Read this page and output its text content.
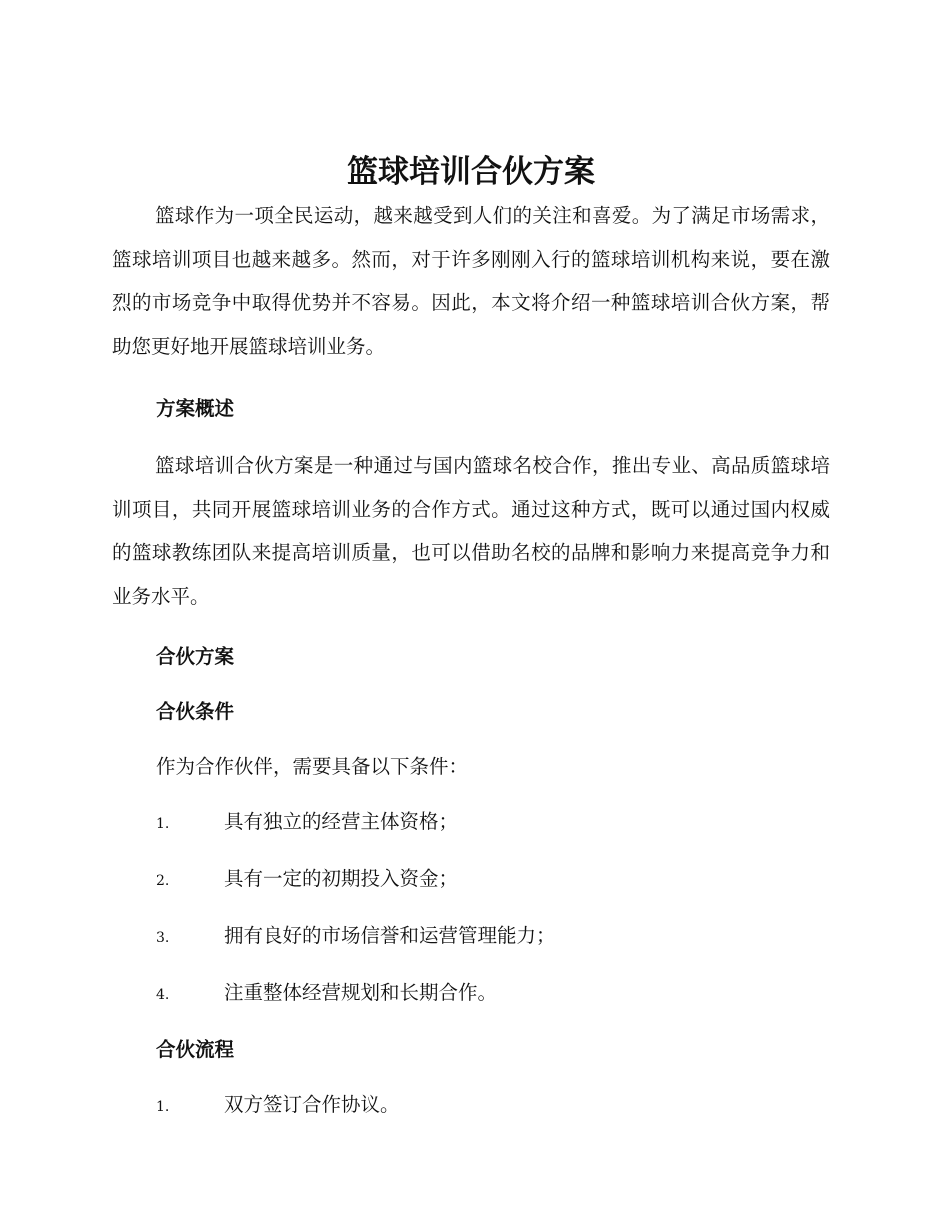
篮球培训合伙方案

篮球作为一项全民运动，越来越受到人们的关注和喜爱。为了满足市场需求，篮球培训项目也越来越多。然而，对于许多刚刚入行的篮球培训机构来说，要在激烈的市场竞争中取得优势并不容易。因此，本文将介绍一种篮球培训合伙方案，帮助您更好地开展篮球培训业务。

方案概述

篮球培训合伙方案是一种通过与国内篮球名校合作，推出专业、高品质篮球培训项目，共同开展篮球培训业务的合作方式。通过这种方式，既可以通过国内权威的篮球教练团队来提高培训质量，也可以借助名校的品牌和影响力来提高竞争力和业务水平。

合伙方案
合伙条件

作为合作伙伴，需要具备以下条件：

1.	具有独立的经营主体资格；
2.	具有一定的初期投入资金；
3.	拥有良好的市场信誉和运营管理能力；
4.	注重整体经营规划和长期合作。
合伙流程
1.	双方签订合作协议。
